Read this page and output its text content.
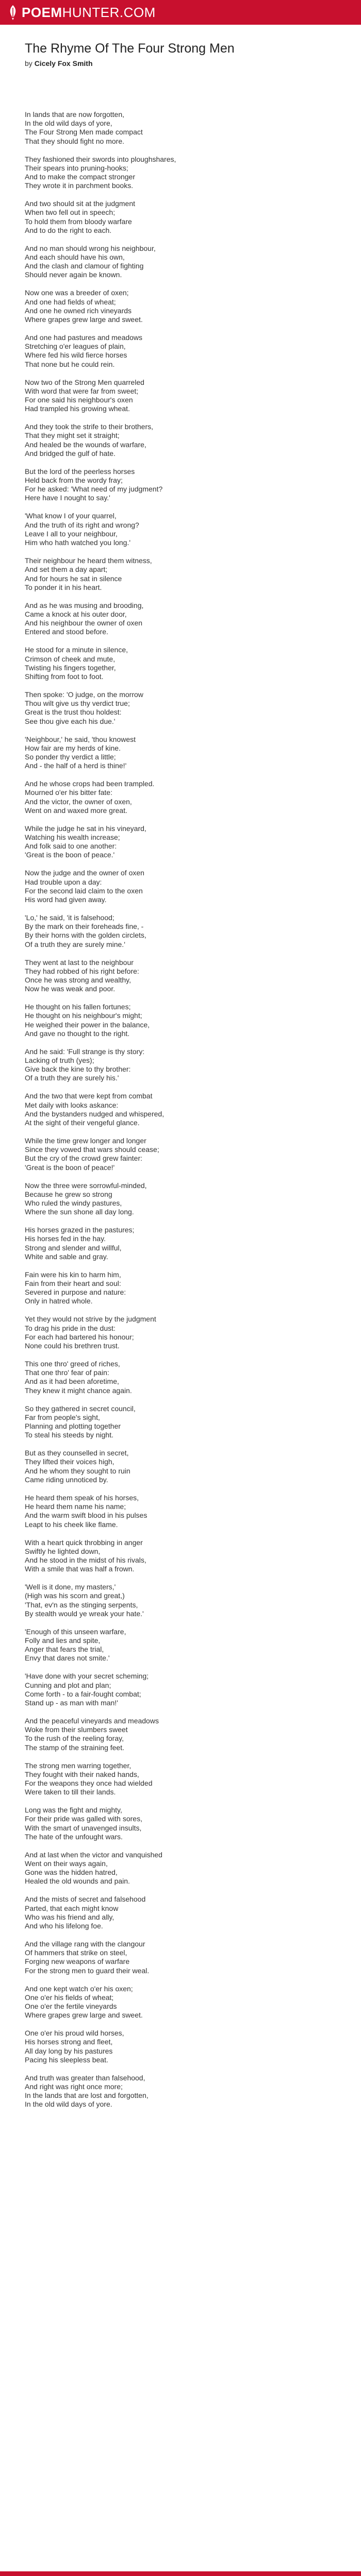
POEMHUNTER.COM
The Rhyme Of The Four Strong Men
by Cicely Fox Smith
In lands that are now forgotten,
In the old wild days of yore,
The Four Strong Men made compact
That they should fight no more.
They fashioned their swords into ploughshares,
Their spears into pruning-hooks;
And to make the compact stronger
They wrote it in parchment books.
And two should sit at the judgment
When two fell out in speech;
To hold them from bloody warfare
And to do the right to each.
And no man should wrong his neighbour,
And each should have his own,
And the clash and clamour of fighting
Should never again be known.
Now one was a breeder of oxen;
And one had fields of wheat;
And one he owned rich vineyards
Where grapes grew large and sweet.
And one had pastures and meadows
Stretching o'er leagues of plain,
Where fed his wild fierce horses
That none but he could rein.
Now two of the Strong Men quarreled
With word that were far from sweet;
For one said his neighbour's oxen
Had trampled his growing wheat.
And they took the strife to their brothers,
That they might set it straight;
And healed be the wounds of warfare,
And bridged the gulf of hate.
But the lord of the peerless horses
Held back from the wordy fray;
For he asked: 'What need of my judgment?
Here have I nought to say.'
'What know I of your quarrel,
And the truth of its right and wrong?
Leave I all to your neighbour,
Him who hath watched you long.'
Their neighbour he heard them witness,
And set them a day apart;
And for hours he sat in silence
To ponder it in his heart.
And as he was musing and brooding,
Came a knock at his outer door,
And his neighbour the owner of oxen
Entered and stood before.
He stood for a minute in silence,
Crimson of cheek and mute,
Twisting his fingers together,
Shifting from foot to foot.
Then spoke: 'O judge, on the morrow
Thou wilt give us thy verdict true;
Great is the trust thou holdest:
See thou give each his due.'
'Neighbour,' he said, 'thou knowest
How fair are my herds of kine.
So ponder thy verdict a little;
And - the half of a herd is thine!'
And he whose crops had been trampled.
Mourned o'er his bitter fate:
And the victor, the owner of oxen,
Went on and waxed more great.
While the judge he sat in his vineyard,
Watching his wealth increase;
And folk said to one another:
'Great is the boon of peace.'
Now the judge and the owner of oxen
Had trouble upon a day:
For the second laid claim to the oxen
His word had given away.
'Lo,' he said, 'it is falsehood;
By the mark on their foreheads fine, -
By their horns with the golden circlets,
Of a truth they are surely mine.'
They went at last to the neighbour
They had robbed of his right before:
Once he was strong and wealthy,
Now he was weak and poor.
He thought on his fallen fortunes;
He thought on his neighbour's might;
He weighed their power in the balance,
And gave no thought to the right.
And he said: 'Full strange is thy story:
Lacking of truth (yes);
Give back the kine to thy brother:
Of a truth they are surely his.'
And the two that were kept from combat
Met daily with looks askance:
And the bystanders nudged and whispered,
At the sight of their vengeful glance.
While the time grew longer and longer
Since they vowed that wars should cease;
But the cry of the crowd grew fainter:
'Great is the boon of peace!'
Now the three were sorrowful-minded,
Because he grew so strong
Who ruled the windy pastures,
Where the sun shone all day long.
His horses grazed in the pastures;
His horses fed in the hay.
Strong and slender and willful,
White and sable and gray.
Fain were his kin to harm him,
Fain from their heart and soul:
Severed in purpose and nature:
Only in hatred whole.
Yet they would not strive by the judgment
To drag his pride in the dust:
For each had bartered his honour;
None could his brethren trust.
This one thro' greed of riches,
That one thro' fear of pain:
And as it had been aforetime,
They knew it might chance again.
So they gathered in secret council,
Far from people's sight,
Planning and plotting together
To steal his steeds by night.
But as they counselled in secret,
They lifted their voices high,
And he whom they sought to ruin
Came riding unnoticed by.
He heard them speak of his horses,
He heard them name his name;
And the warm swift blood in his pulses
Leapt to his cheek like flame.
With a heart quick throbbing in anger
Swiftly he lighted down,
And he stood in the midst of his rivals,
With a smile that was half a frown.
'Well is it done, my masters,'
(High was his scorn and great,)
'That, ev'n as the stinging serpents,
By stealth would ye wreak your hate.'
'Enough of this unseen warfare,
Folly and lies and spite,
Anger that fears the trial,
Envy that dares not smite.'
'Have done with your secret scheming;
Cunning and plot and plan;
Come forth - to a fair-fought combat;
Stand up - as man with man!'
And the peaceful vineyards and meadows
Woke from their slumbers sweet
To the rush of the reeling foray,
The stamp of the straining feet.
The strong men warring together,
They fought with their naked hands,
For the weapons they once had wielded
Were taken to till their lands.
Long was the fight and mighty,
For their pride was galled with sores,
With the smart of unavenged insults,
The hate of the unfought wars.
And at last when the victor and vanquished
Went on their ways again,
Gone was the hidden hatred,
Healed the old wounds and pain.
And the mists of secret and falsehood
Parted, that each might know
Who was his friend and ally,
And who his lifelong foe.
And the village rang with the clangour
Of hammers that strike on steel,
Forging new weapons of warfare
For the strong men to guard their weal.
And one kept watch o'er his oxen;
One o'er his fields of wheat;
One o'er the fertile vineyards
Where grapes grew large and sweet.
One o'er his proud wild horses,
His horses strong and fleet,
All day long by his pastures
Pacing his sleepless beat.
And truth was greater than falsehood,
And right was right once more;
In the lands that are lost and forgotten,
In the old wild days of yore.
